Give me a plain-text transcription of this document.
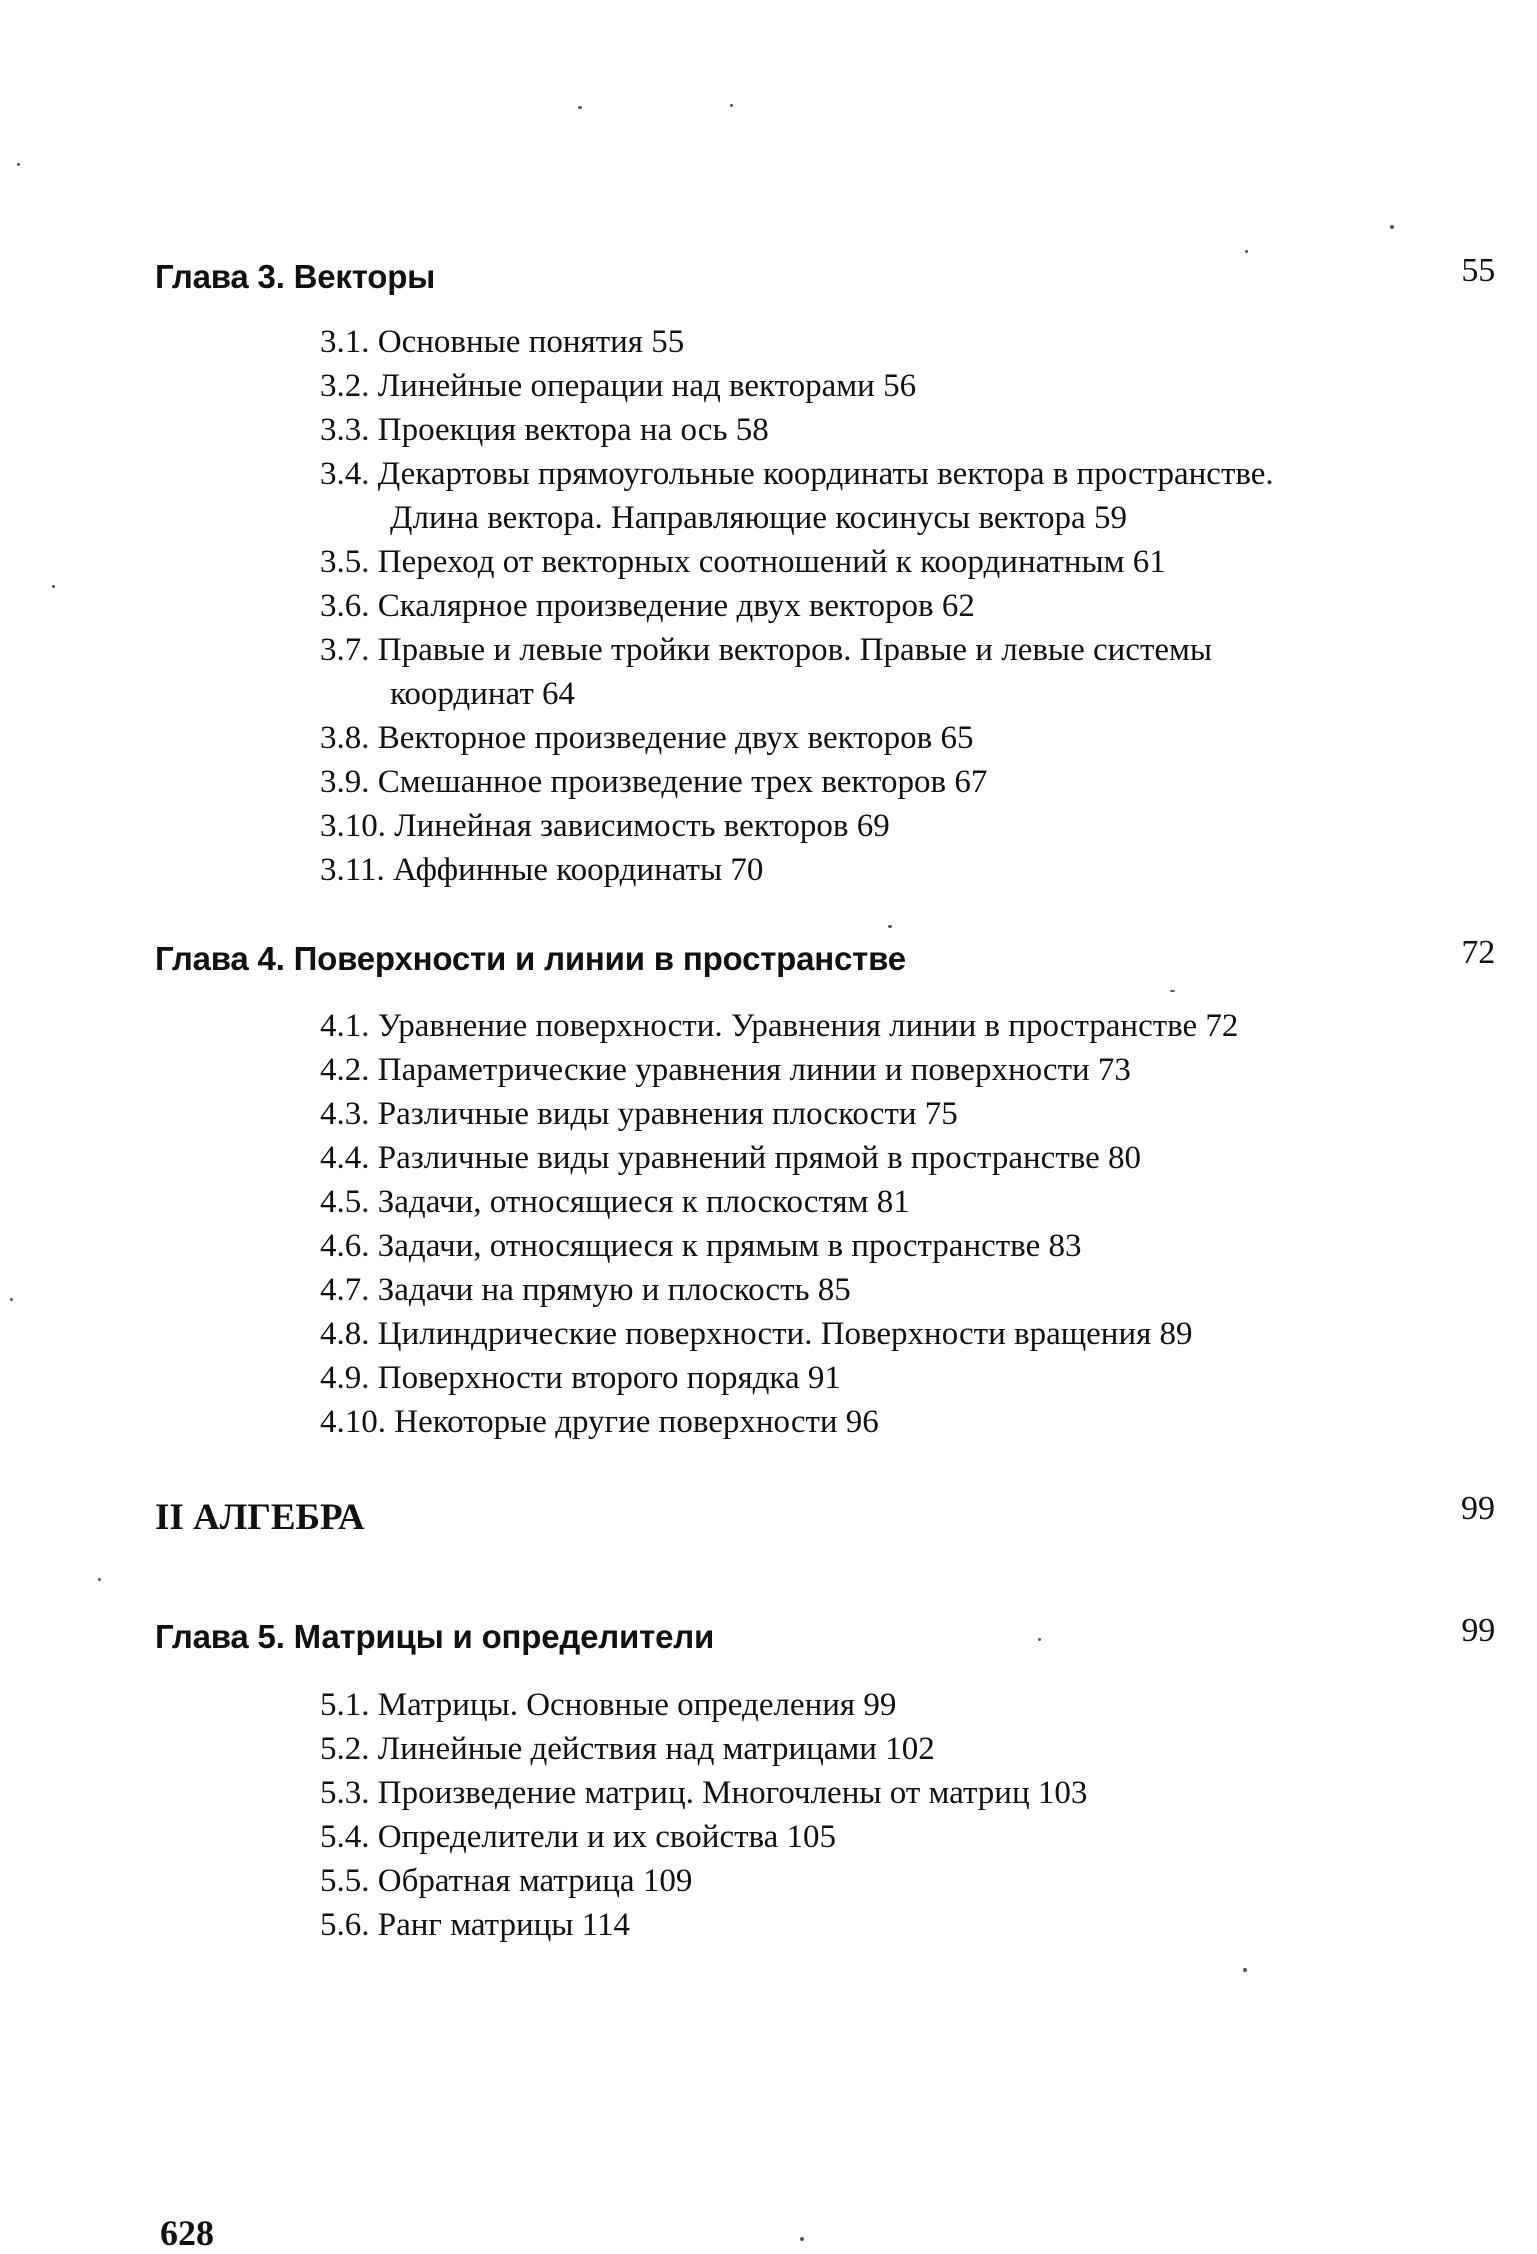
Глава 3. Векторы	55
3.1. Основные понятия 55
3.2. Линейные операции над векторами 56
3.3. Проекция вектора на ось 58
3.4. Декартовы прямоугольные координаты вектора в пространстве.
Длина вектора. Направляющие косинусы вектора 59
3.5. Переход от векторных соотношений к координатным 61
3.6. Скалярное произведение двух векторов 62
3.7. Правые и левые тройки векторов. Правые и левые системы
координат 64
3.8. Векторное произведение двух векторов 65
3.9. Смешанное произведение трех векторов 67
3.10. Линейная зависимость векторов 69
3.11. Аффинные координаты 70
Глава 4. Поверхности и линии в пространстве	72
4.1. Уравнение поверхности. Уравнения линии в пространстве 72
4.2. Параметрические уравнения линии и поверхности 73
4.3. Различные виды уравнения плоскости 75
4.4. Различные виды уравнений прямой в пространстве 80
4.5. Задачи, относящиеся к плоскостям 81
4.6. Задачи, относящиеся к прямым в пространстве 83
4.7. Задачи на прямую и плоскость 85
4.8. Цилиндрические поверхности. Поверхности вращения 89
4.9. Поверхности второго порядка 91
4.10. Некоторые другие поверхности 96
II АЛГЕБРА	99
Глава 5. Матрицы и определители	99
5.1. Матрицы. Основные определения 99
5.2. Линейные действия над матрицами 102
5.3. Произведение матриц. Многочлены от матриц 103
5.4. Определители и их свойства 105
5.5. Обратная матрица 109
5.6. Ранг матрицы 114
628
